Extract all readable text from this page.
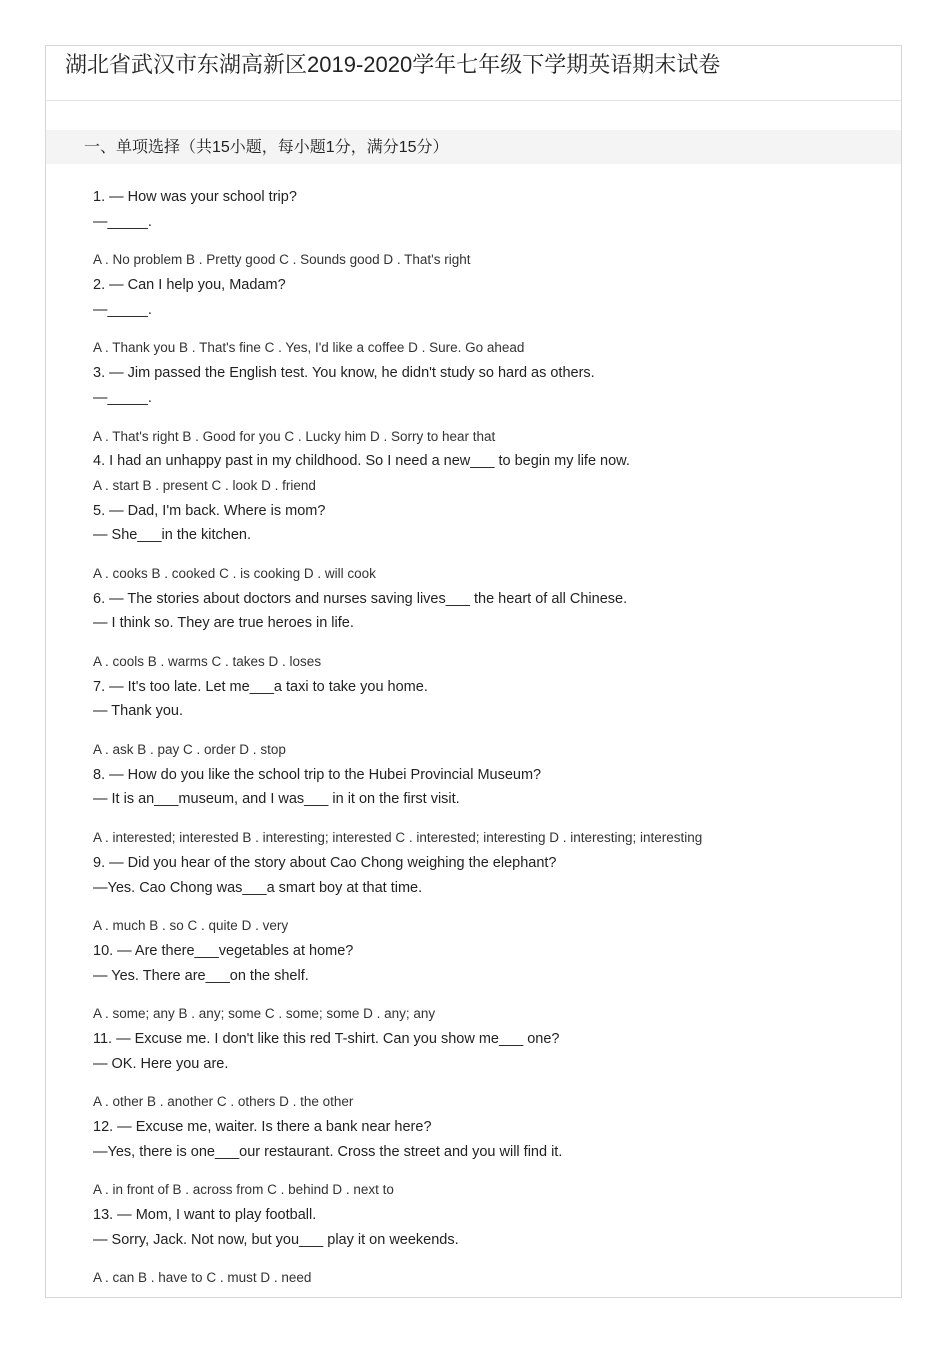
湖北省武汉市东湖高新区2019-2020学年七年级下学期英语期末试卷
一、单项选择（共15小题，每小题1分，满分15分）
1. — How was your school trip?
—_____.
A . No problem B . Pretty good C . Sounds good D . That's right
2. — Can I help you, Madam?
—_____.
A . Thank you B . That's fine C . Yes, I'd like a coffee D . Sure. Go ahead
3. — Jim passed the English test. You know, he didn't study so hard as others.
—_____.
A . That's right B . Good for you C . Lucky him D . Sorry to hear that
4. I had an unhappy past in my childhood. So I need a new___ to begin my life now.
A . start B . present C . look D . friend
5. — Dad, I'm back. Where is mom?
— She___in the kitchen.
A . cooks B . cooked C . is cooking D . will cook
6. — The stories about doctors and nurses saving lives___ the heart of all Chinese.
— I think so. They are true heroes in life.
A . cools B . warms C . takes D . loses
7. — It's too late. Let me___a taxi to take you home.
— Thank you.
A . ask B . pay C . order D . stop
8. — How do you like the school trip to the Hubei Provincial Museum?
— It is an___museum, and I was___ in it on the first visit.
A . interested; interested B . interesting; interested C . interested; interesting D . interesting; interesting
9. — Did you hear of the story about Cao Chong weighing the elephant?
—Yes. Cao Chong was___a smart boy at that time.
A . much B . so C . quite D . very
10. — Are there___vegetables at home?
— Yes. There are___on the shelf.
A . some; any B . any; some C . some; some D . any; any
11. — Excuse me. I don't like this red T-shirt. Can you show me___ one?
— OK. Here you are.
A . other B . another C . others D . the other
12. — Excuse me, waiter. Is there a bank near here?
—Yes, there is one___our restaurant. Cross the street and you will find it.
A . in front of B . across from C . behind D . next to
13. — Mom, I want to play football.
— Sorry, Jack. Not now, but you___ play it on weekends.
A . can B . have to C . must D . need
